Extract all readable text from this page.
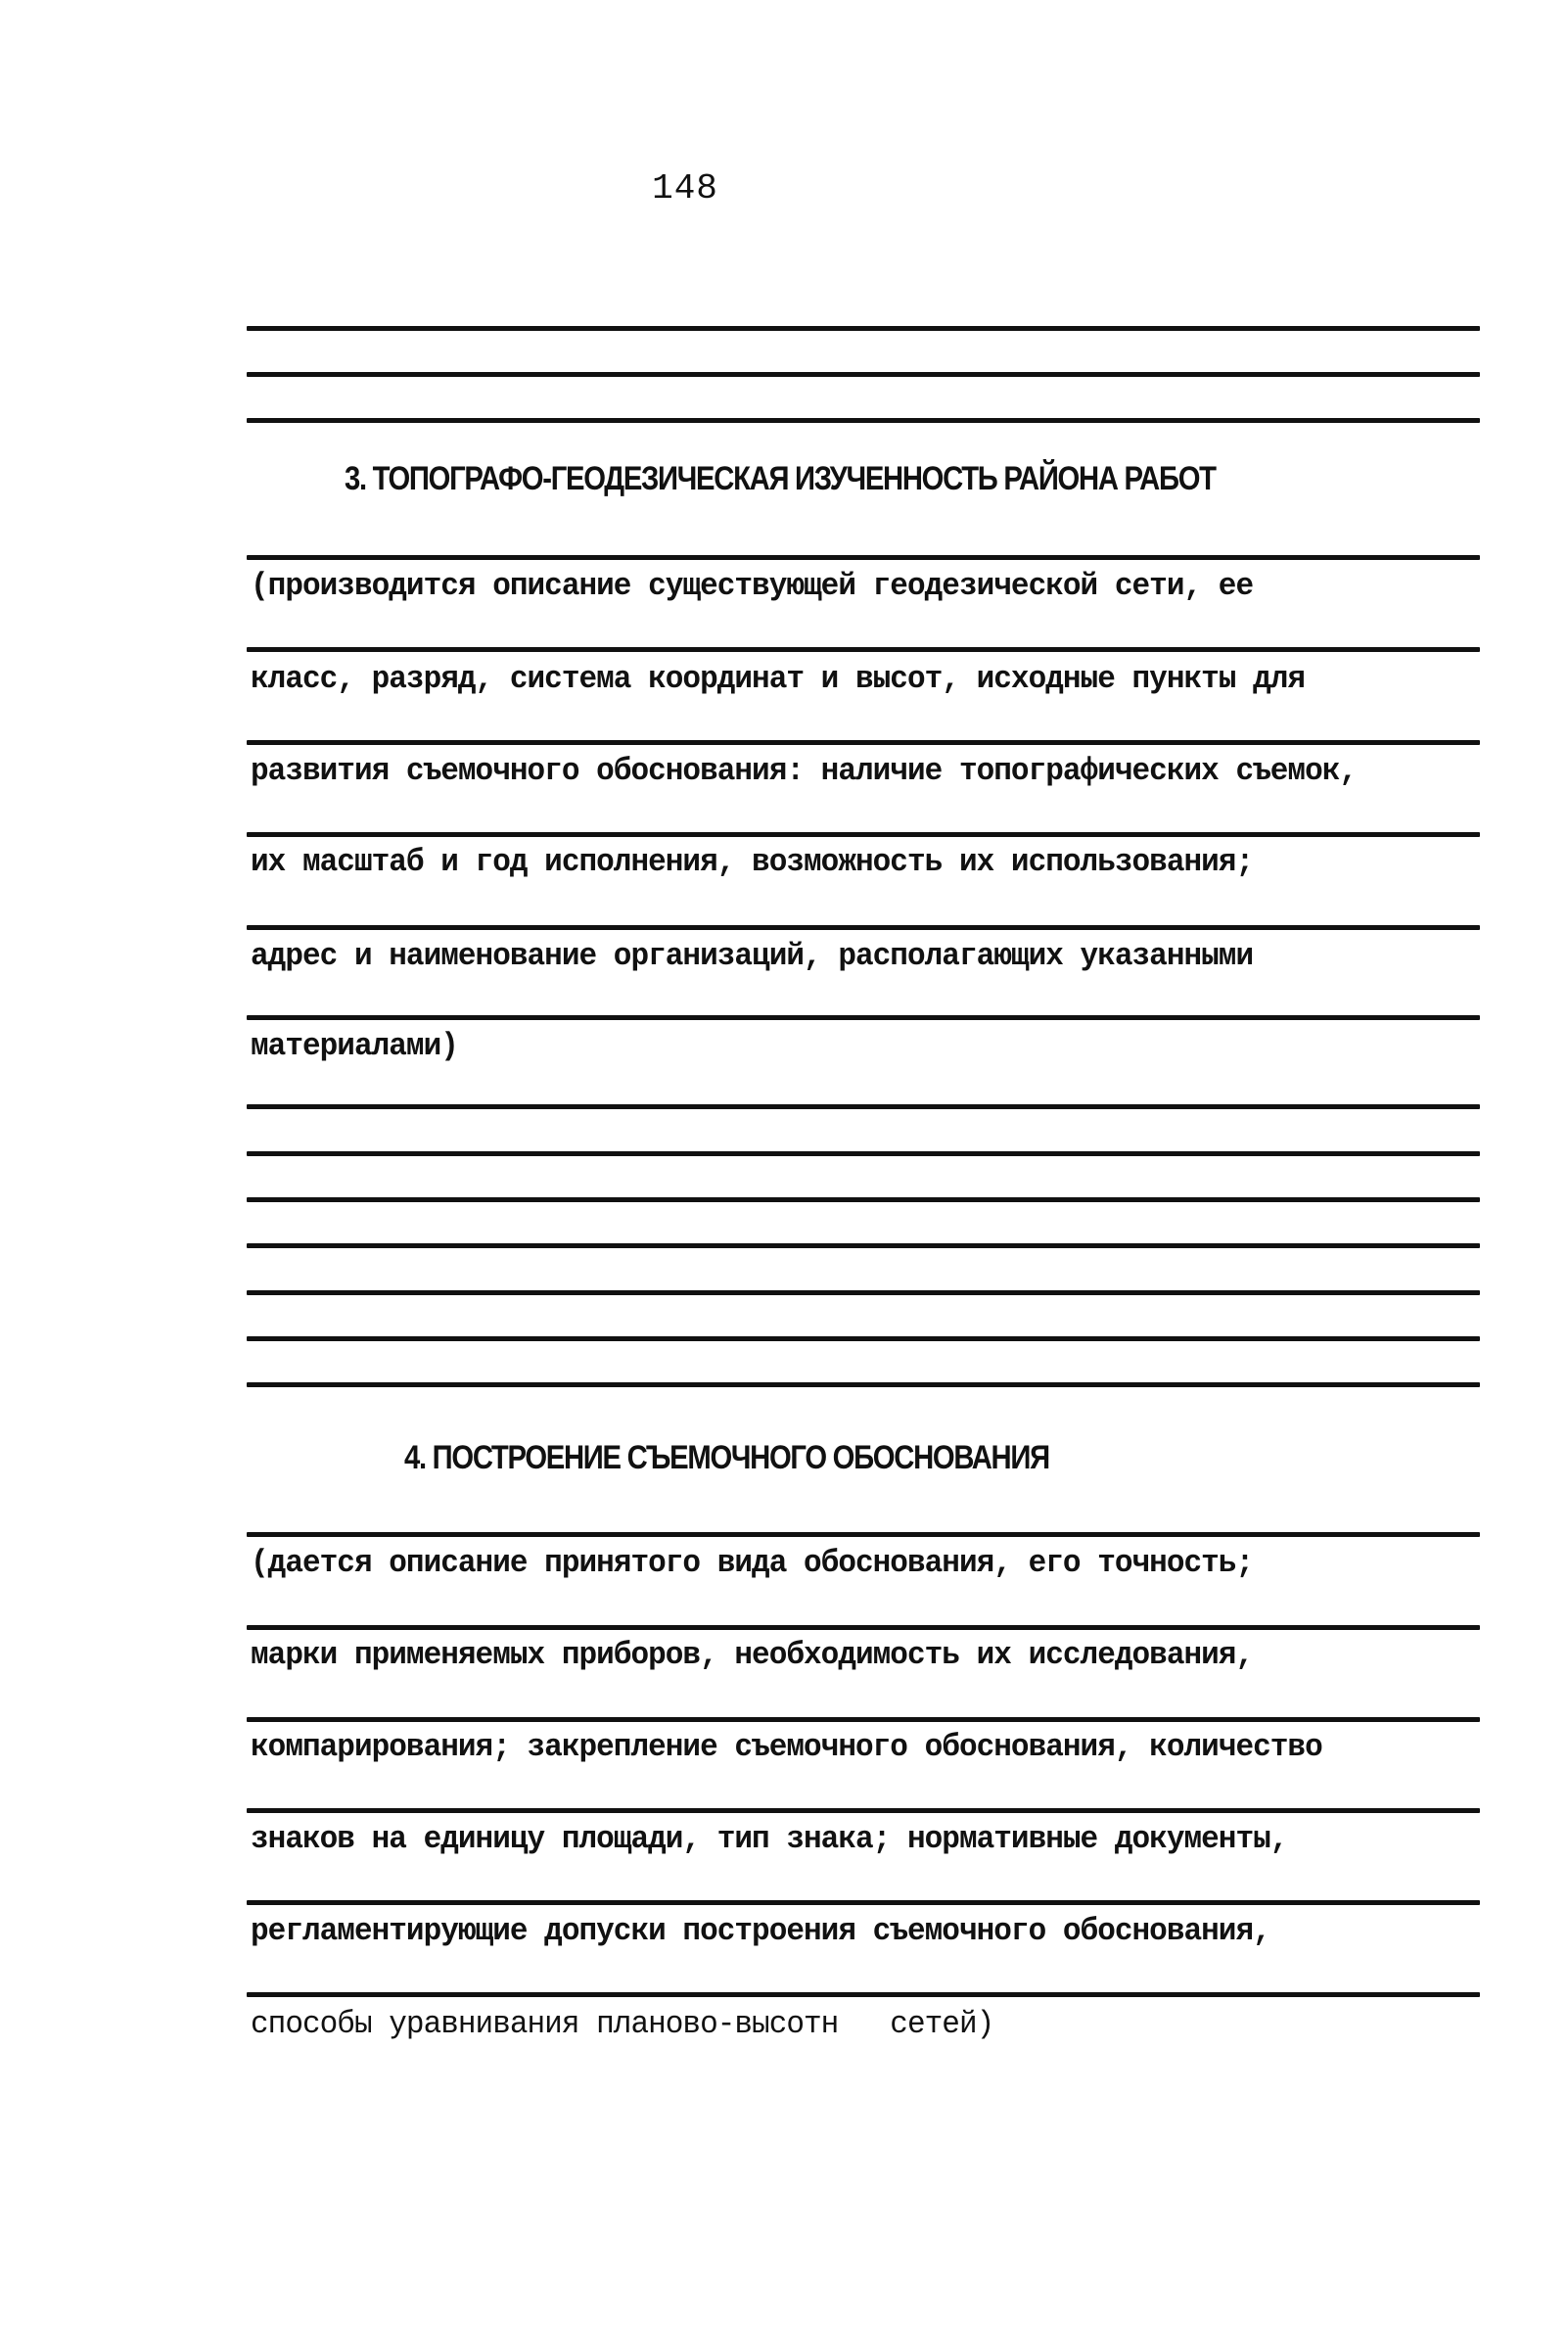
148
3. ТОПОГРАФО-ГЕОДЕЗИЧЕСКАЯ ИЗУЧЕННОСТЬ РАЙОНА РАБОТ
(производится описание существующей геодезической сети, ее
класс, разряд, система координат и высот, исходные пункты для
развития съемочного обоснования: наличие топографических съемок,
их масштаб и год исполнения, возможность их использования;
адрес и наименование организаций, располагающих указанными
материалами)
4. ПОСТРОЕНИЕ СЪЕМОЧНОГО ОБОСНОВАНИЯ
(дается описание принятого вида обоснования, его точность;
марки применяемых приборов, необходимость их исследования,
компарирования; закрепление съемочного обоснования, количество
знаков на единицу площади, тип знака; нормативные документы,
регламентирующие допуски построения съемочного обоснования,
способы уравнивания планово-высотн   сетей)
